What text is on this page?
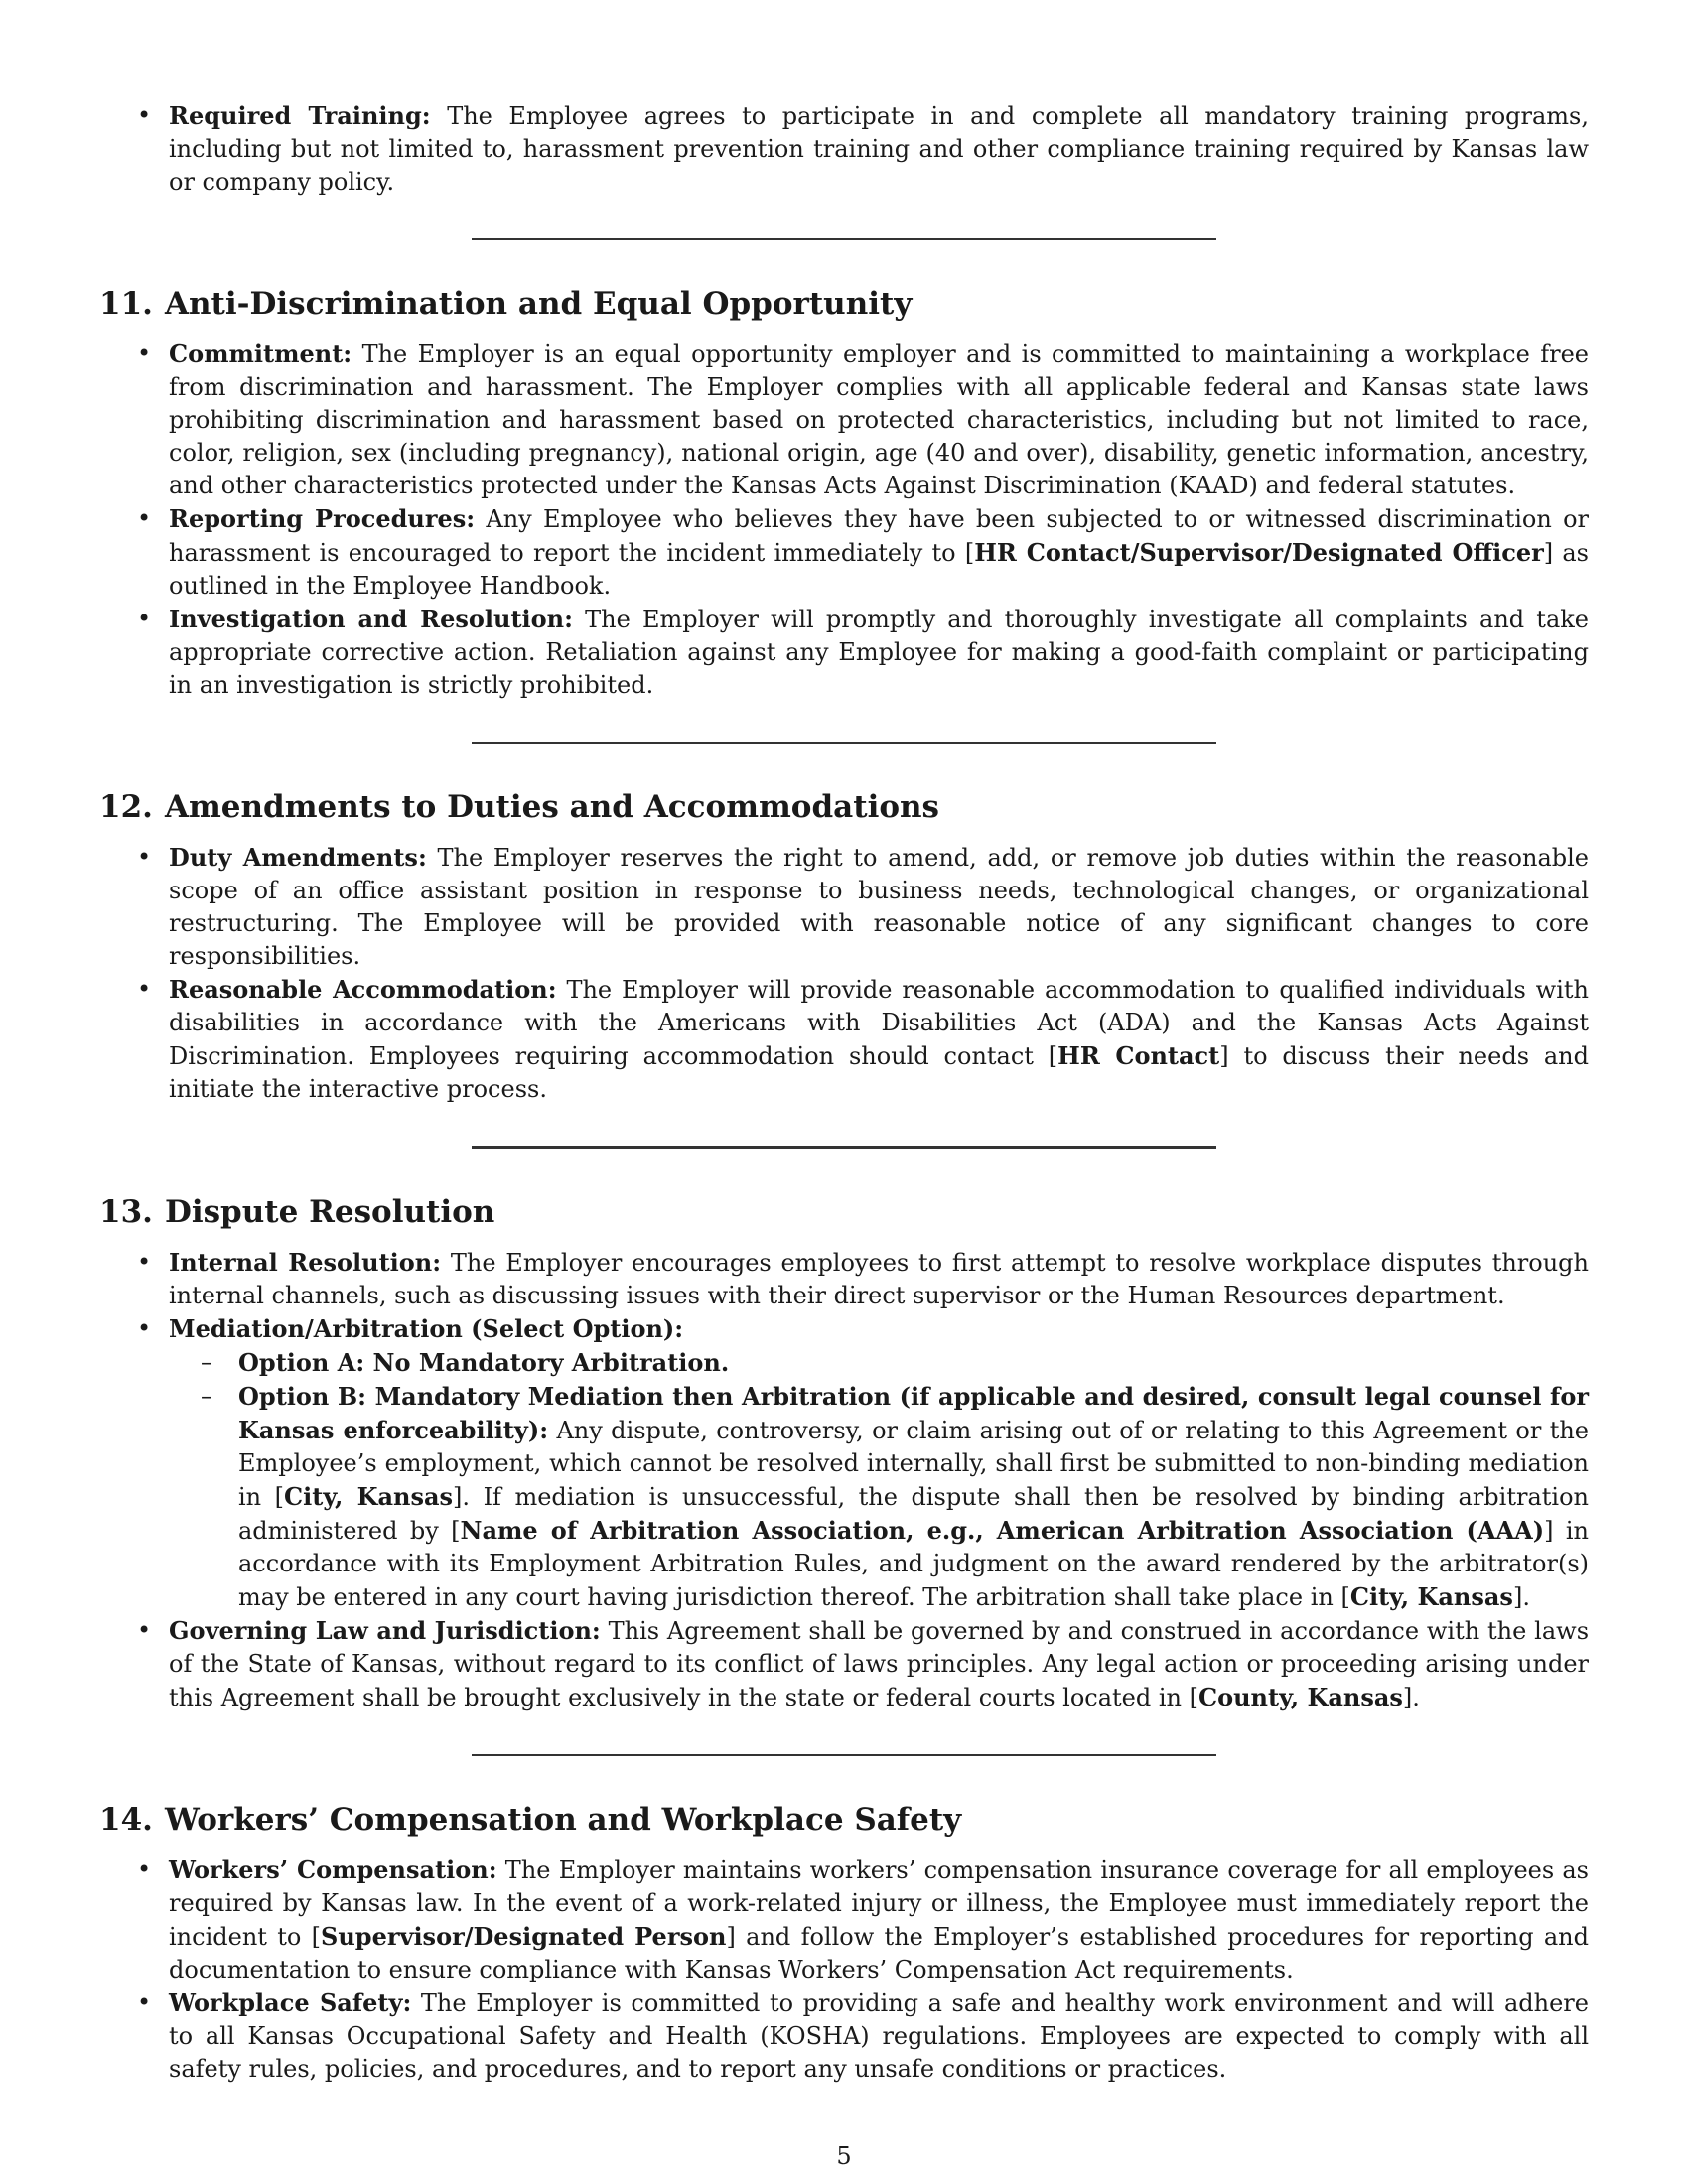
• Required Training: The Employee agrees to participate in and complete all mandatory training programs, including but not limited to, harassment prevention training and other compliance training required by Kansas law or company policy.

11. Anti-Discrimination and Equal Opportunity
• Commitment: The Employer is an equal opportunity employer and is committed to maintaining a workplace free from discrimination and harassment. The Employer complies with all applicable federal and Kansas state laws prohibiting discrimination and harassment based on protected characteristics, including but not limited to race, color, religion, sex (including pregnancy), national origin, age (40 and over), disability, genetic information, ancestry, and other characteristics protected under the Kansas Acts Against Discrimination (KAAD) and federal statutes.

• Reporting Procedures: Any Employee who believes they have been subjected to or witnessed discrimination or harassment is encouraged to report the incident immediately to [HR Contact/Supervisor/Designated Officer] as outlined in the Employee Handbook.

• Investigation and Resolution: The Employer will promptly and thoroughly investigate all complaints and take appropriate corrective action. Retaliation against any Employee for making a good-faith complaint or participating in an investigation is strictly prohibited.

12. Amendments to Duties and Accommodations
• Duty Amendments: The Employer reserves the right to amend, add, or remove job duties within the reasonable scope of an office assistant position in response to business needs, technological changes, or organizational restructuring. The Employee will be provided with reasonable notice of any significant changes to core responsibilities.

• Reasonable Accommodation: The Employer will provide reasonable accommodation to qualified individuals with disabilities in accordance with the Americans with Disabilities Act (ADA) and the Kansas Acts Against Discrimination. Employees requiring accommodation should contact [HR Contact] to discuss their needs and initiate the interactive process.

13. Dispute Resolution
• Internal Resolution: The Employer encourages employees to first attempt to resolve workplace disputes through internal channels, such as discussing issues with their direct supervisor or the Human Resources department.

• Mediation/Arbitration (Select Option):

– Option A: No Mandatory Arbitration.

– Option B: Mandatory Mediation then Arbitration (if applicable and desired, consult legal counsel for Kansas enforceability): Any dispute, controversy, or claim arising out of or relating to this Agreement or the Employee’s employment, which cannot be resolved internally, shall first be submitted to non-binding mediation in [City, Kansas]. If mediation is unsuccessful, the dispute shall then be resolved by binding arbitration administered by [Name of Arbitration Association, e.g., American Arbitration Association (AAA)] in accordance with its Employment Arbitration Rules, and judgment on the award rendered by the arbitrator(s) may be entered in any court having jurisdiction thereof. The arbitration shall take place in [City, Kansas].

• Governing Law and Jurisdiction: This Agreement shall be governed by and construed in accordance with the laws of the State of Kansas, without regard to its conflict of laws principles. Any legal action or proceeding arising under this Agreement shall be brought exclusively in the state or federal courts located in [County, Kansas].

14. Workers’ Compensation and Workplace Safety
• Workers’ Compensation: The Employer maintains workers’ compensation insurance coverage for all employees as required by Kansas law. In the event of a work-related injury or illness, the Employee must immediately report the incident to [Supervisor/Designated Person] and follow the Employer’s established procedures for reporting and documentation to ensure compliance with Kansas Workers’ Compensation Act requirements.

• Workplace Safety: The Employer is committed to providing a safe and healthy work environment and will adhere to all Kansas Occupational Safety and Health (KOSHA) regulations. Employees are expected to comply with all safety rules, policies, and procedures, and to report any unsafe conditions or practices.

5
